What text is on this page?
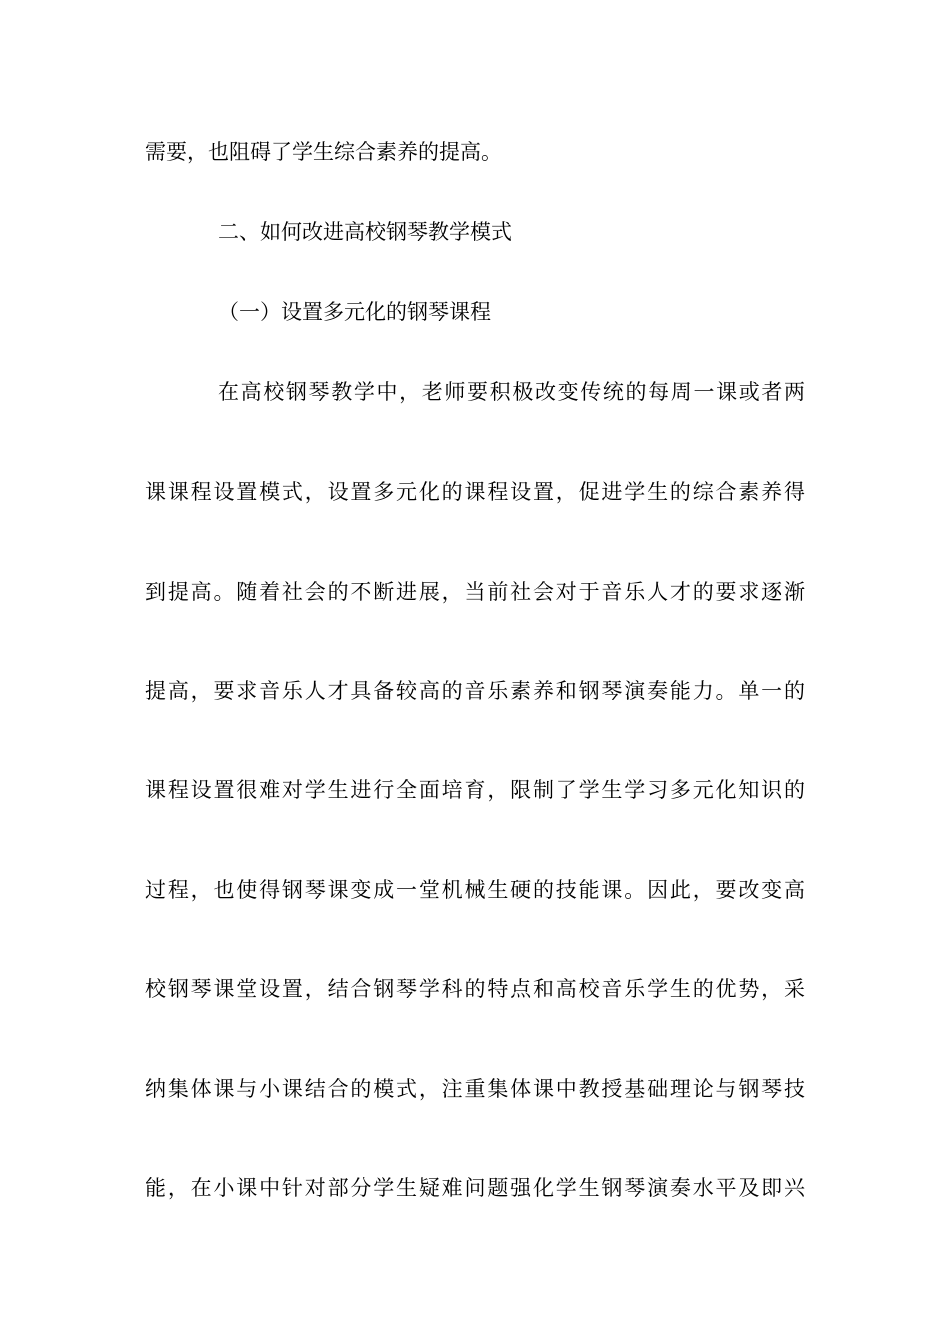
需要，也阻碍了学生综合素养的提高。
二、如何改进高校钢琴教学模式
（一）设置多元化的钢琴课程
在高校钢琴教学中，老师要积极改变传统的每周一课或者两
课课程设置模式，设置多元化的课程设置，促进学生的综合素养得
到提高。随着社会的不断进展，当前社会对于音乐人才的要求逐渐
提高，要求音乐人才具备较高的音乐素养和钢琴演奏能力。单一的
课程设置很难对学生进行全面培育，限制了学生学习多元化知识的
过程，也使得钢琴课变成一堂机械生硬的技能课。因此，要改变高
校钢琴课堂设置，结合钢琴学科的特点和高校音乐学生的优势，采
纳集体课与小课结合的模式，注重集体课中教授基础理论与钢琴技
能，在小课中针对部分学生疑难问题强化学生钢琴演奏水平及即兴
